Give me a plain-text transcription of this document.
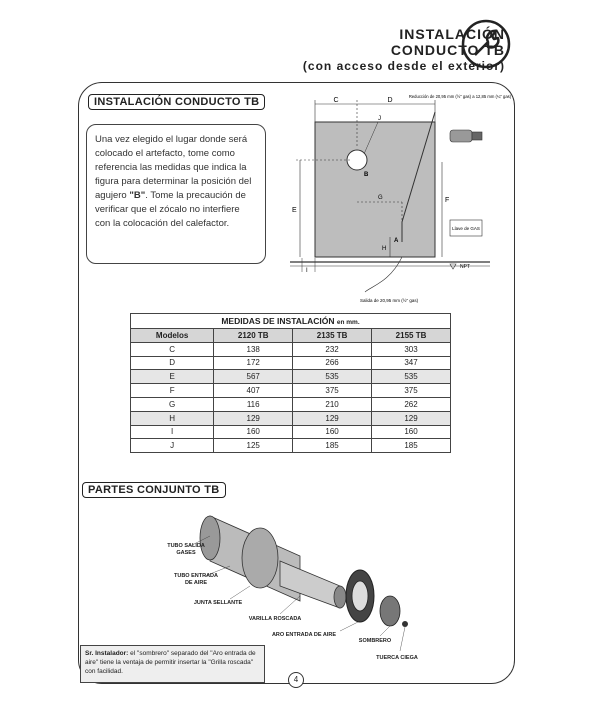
INSTALACIÓN
CONDUCTO TB
(con acceso desde el exterior)
INSTALACIÓN CONDUCTO TB
Una vez elegido el lugar donde será colocado el artefacto, tome como referencia las medidas que indica la figura para determinar la posición del agujero "B". Tome la precaución de verificar que el zócalo no interfiere con la colocación del calefactor.
C	D
J
B
G
A
E
F
H
I
NPT
Llave de GAS
Reducción de 20,95 mm (½" gas) a 12,85 mm (¼" gas)
Salida de 20,95 mm (½" gas)
MEDIDAS DE INSTALACIÓN en mm.			
Modelos	2120 TB	2135 TB	2155 TB
C	138	232	303
D	172	266	347
E	567	535	535
F	407	375	375
G	116	210	262
H	129	129	129
I	160	160	160
J	125	185	185
PARTES CONJUNTO TB
TUBO SALIDA GASES
TUBO ENTRADA DE AIRE
JUNTA SELLANTE
VARILLA ROSCADA
ARO ENTRADA DE AIRE
SOMBRERO
TUERCA CIEGA
Sr. Instalador: el "sombrero" separado del "Aro entrada de aire" tiene la ventaja de permitir insertar la "Grilla roscada" con facilidad.
4
